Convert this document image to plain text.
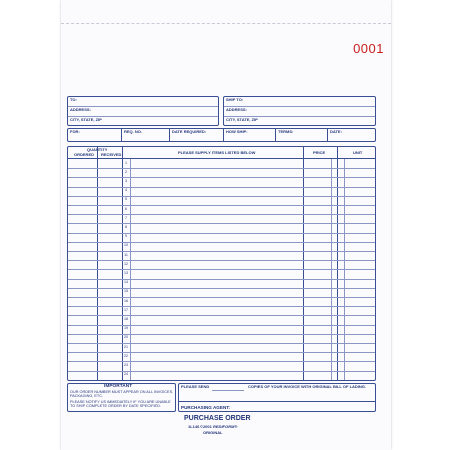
0001
TO:
ADDRESS:
CITY, STATE, ZIP
SHIP TO:
ADDRESS:
CITY, STATE, ZIP
FOR:	REQ. NO.	DATE REQUIRED:	HOW SHIP:	TERMS:	DATE:
QUANTITY
ORDERED RECEIVED	PLEASE SUPPLY ITEMS LISTED BELOW	PRICE	UNIT
1
2
3
4
5
6
7
8
9
10
11
12
13
14
15
16
17
18
19
20
21
22
23
24
IMPORTANT
OUR ORDER NUMBER MUST APPEAR ON ALL INVOICES, PACKAGING, ETC.
PLEASE NOTIFY US IMMEDIATELY IF YOU ARE UNABLE TO SHIP COMPLETE ORDER BY DATE SPECIFIED.
PLEASE SEND	COPIES OF YOUR INVOICE WITH ORIGINAL BILL OF LADING.
PURCHASING AGENT:
PURCHASE ORDER
1L146 ©2001 REDIFORM®
ORIGINAL
